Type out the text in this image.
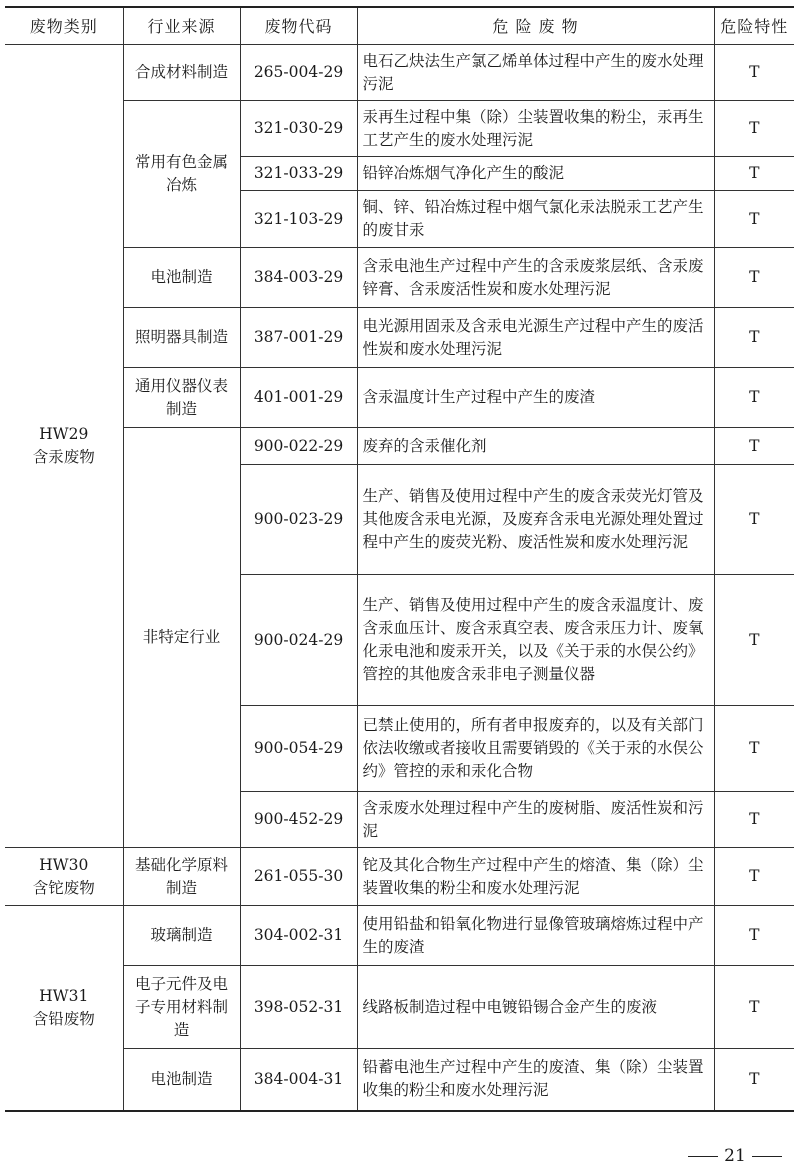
废物类别	行业来源	废物代码	危 险 废 物	危险特性

HW29
含汞废物	合成材料制造	265-004-29	电石乙炔法生产氯乙烯单体过程中产生的废水处理污泥	T
	常用有色金属冶炼	321-030-29	汞再生过程中集（除）尘装置收集的粉尘，汞再生工艺产生的废水处理污泥	T
		321-033-29	铅锌冶炼烟气净化产生的酸泥	T
		321-103-29	铜、锌、铅冶炼过程中烟气氯化汞法脱汞工艺产生的废甘汞	T
	电池制造	384-003-29	含汞电池生产过程中产生的含汞废浆层纸、含汞废锌膏、含汞废活性炭和废水处理污泥	T
	照明器具制造	387-001-29	电光源用固汞及含汞电光源生产过程中产生的废活性炭和废水处理污泥	T
	通用仪器仪表制造	401-001-29	含汞温度计生产过程中产生的废渣	T
	非特定行业	900-022-29	废弃的含汞催化剂	T
		900-023-29	生产、销售及使用过程中产生的废含汞荧光灯管及其他废含汞电光源，及废弃含汞电光源处理处置过程中产生的废荧光粉、废活性炭和废水处理污泥	T
		900-024-29	生产、销售及使用过程中产生的废含汞温度计、废含汞血压计、废含汞真空表、废含汞压力计、废氧化汞电池和废汞开关，以及《关于汞的水俣公约》管控的其他废含汞非电子测量仪器	T
		900-054-29	已禁止使用的，所有者申报废弃的，以及有关部门依法收缴或者接收且需要销毁的《关于汞的水俣公约》管控的汞和汞化合物	T
		900-452-29	含汞废水处理过程中产生的废树脂、废活性炭和污泥	T

HW30
含铊废物	基础化学原料制造	261-055-30	铊及其化合物生产过程中产生的熔渣、集（除）尘装置收集的粉尘和废水处理污泥	T

HW31
含铅废物	玻璃制造	304-002-31	使用铅盐和铅氧化物进行显像管玻璃熔炼过程中产生的废渣	T
	电子元件及电子专用材料制造	398-052-31	线路板制造过程中电镀铅锡合金产生的废液	T
	电池制造	384-004-31	铅蓄电池生产过程中产生的废渣、集（除）尘装置收集的粉尘和废水处理污泥	T
21
